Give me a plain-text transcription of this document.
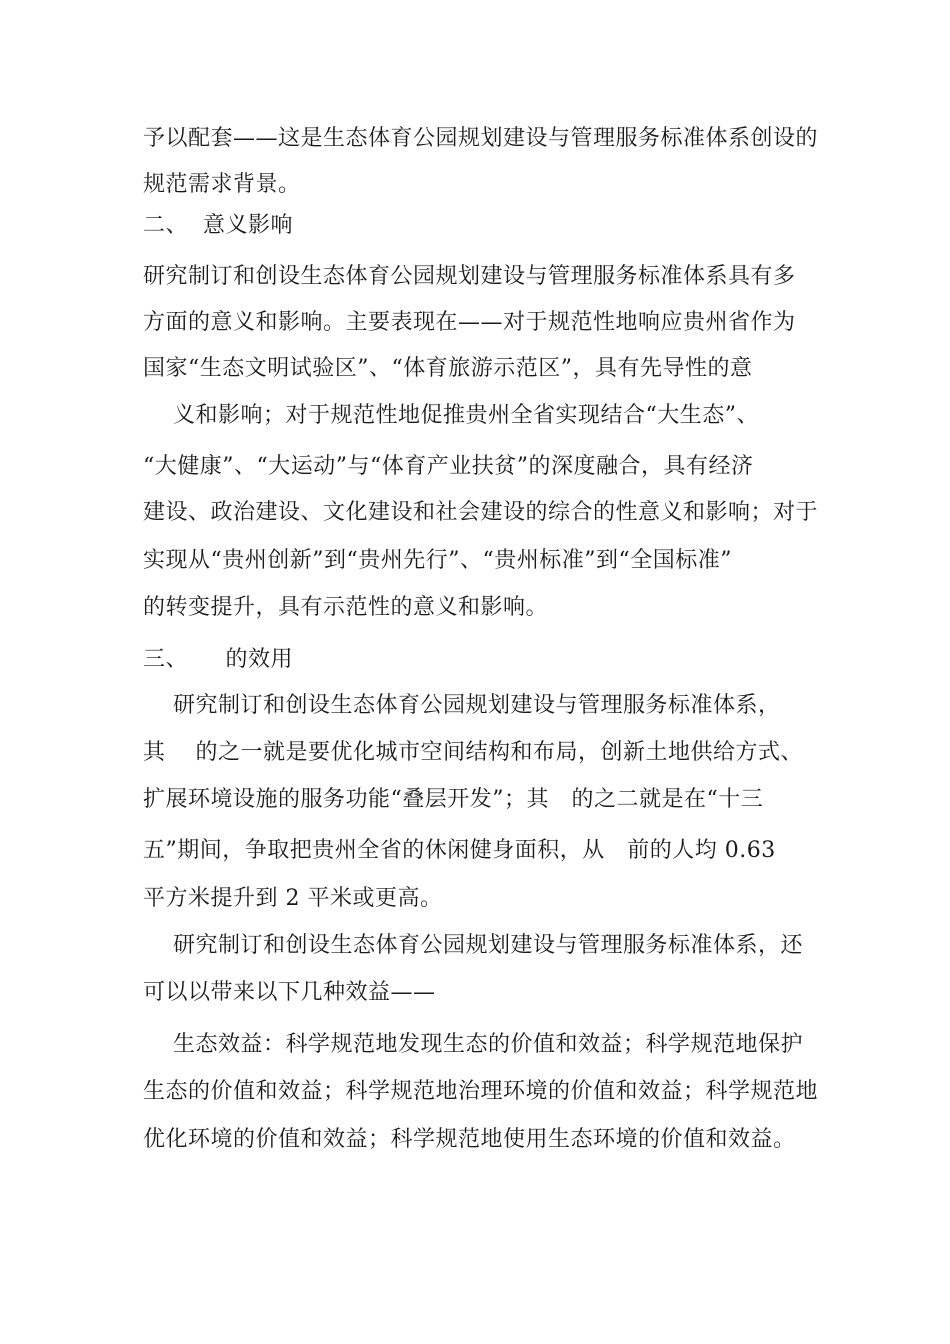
予以配套——这是生态体育公园规划建设与管理服务标准体系创设的
规范需求背景。
二、  意义影响
研究制订和创设生态体育公园规划建设与管理服务标准体系具有多
方面的意义和影响。主要表现在——对于规范性地响应贵州省作为
国家“生态文明试验区”、“体育旅游示范区”，具有先导性的意
义和影响；对于规范性地促推贵州全省实现结合“大生态”、
“大健康”、“大运动”与“体育产业扶贫”的深度融合，具有经济
建设、政治建设、文化建设和社会建设的综合的性意义和影响；对于
实现从“贵州创新”到“贵州先行”、“贵州标准”到“全国标准”
的转变提升，具有示范性的意义和影响。
三、  　的效用
研究制订和创设生态体育公园规划建设与管理服务标准体系，
其 　的之一就是要优化城市空间结构和布局，创新土地供给方式、
扩展环境设施的服务功能“叠层开发”；其　的之二就是在“十三
五”期间，争取把贵州全省的休闲健身面积，从　前的人均 0.63
平方米提升到 2 平米或更高。
研究制订和创设生态体育公园规划建设与管理服务标准体系，还
可以以带来以下几种效益——
生态效益：科学规范地发现生态的价值和效益；科学规范地保护
生态的价值和效益；科学规范地治理环境的价值和效益；科学规范地
优化环境的价值和效益；科学规范地使用生态环境的价值和效益。
